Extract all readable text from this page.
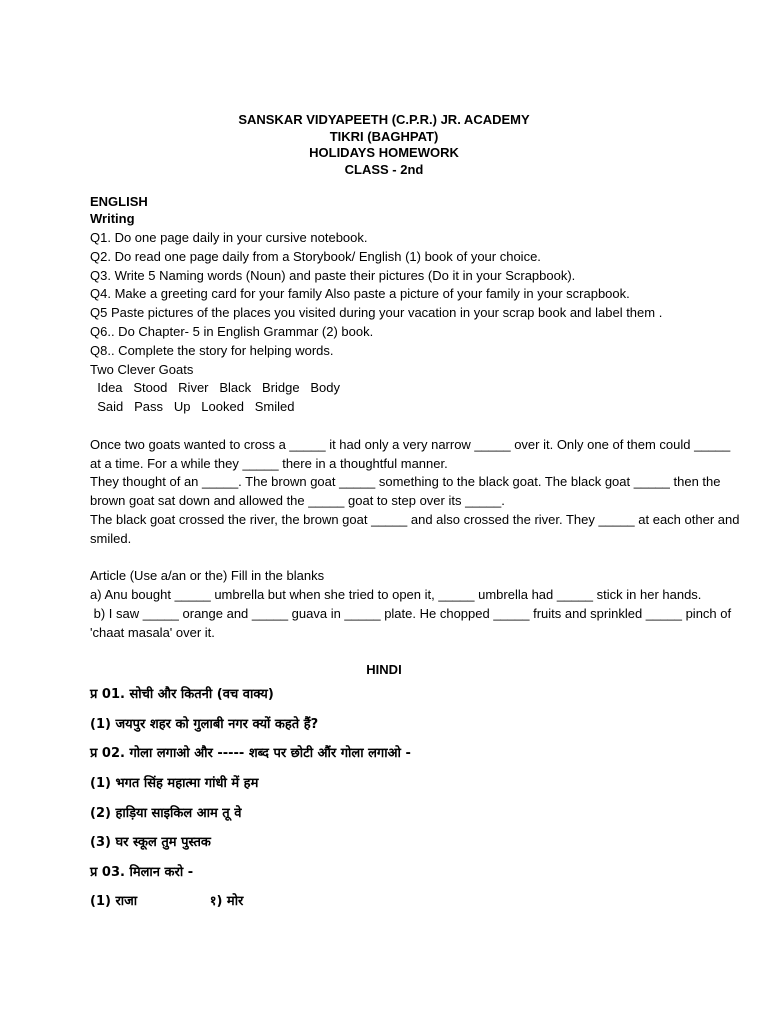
SANSKAR VIDYAPEETH (C.P.R.) JR. ACADEMY
TIKRI (BAGHPAT)
HOLIDAYS HOMEWORK
CLASS - 2nd
ENGLISH
Writing
Q1. Do one page daily in your cursive notebook.
Q2. Do read one page daily from a Storybook/ English (1) book of your choice.
Q3. Write 5 Naming words (Noun) and paste their pictures (Do it in your Scrapbook).
Q4. Make a greeting card for your family Also paste a picture of your family in your scrapbook.
Q5 Paste pictures of the places you visited during your vacation in your scrap book and label them .
Q6.. Do Chapter- 5 in English Grammar (2) book.
Q8.. Complete the story for helping words.
Two Clever Goats
Idea   Stood   River   Black   Bridge   Body
Said   Pass   Up   Looked   Smiled
Once two goats wanted to cross a _____ it had only a very narrow _____ over it. Only one of them could _____ at a time. For a while they _____ there in a thoughtful manner.
They thought of an _____. The brown goat _____ something to the black goat. The black goat _____ then the brown goat sat down and allowed the _____ goat to step over its _____.
The black goat crossed the river, the brown goat _____ and also crossed the river. They _____ at each other and smiled.
Article (Use a/an or the) Fill in the blanks
a) Anu bought _____ umbrella but when she tried to open it, _____ umbrella had _____ stick in her hands.
b) I saw _____ orange and _____ guava in _____ plate. He chopped _____ fruits and sprinkled _____ pinch of 'chaat masala' over it.
HINDI
प्र 01. सोची और कितनी (वच वाक्य)
(1) जयपुर शहर को गुलाबी नगर क्यों कहते हैं?
प्र 02. गोला लगाओ और ----- शब्द पर छोटी औंर गोला लगाओ -
(1) भगत सिंह महात्मा गांधी में हम
(2) हाड़िया साइकिल आम तू वे
(3) घर स्कूल तुम पुस्तक
प्र 03. मिलान करो -
(1) राजा	१) मोर
